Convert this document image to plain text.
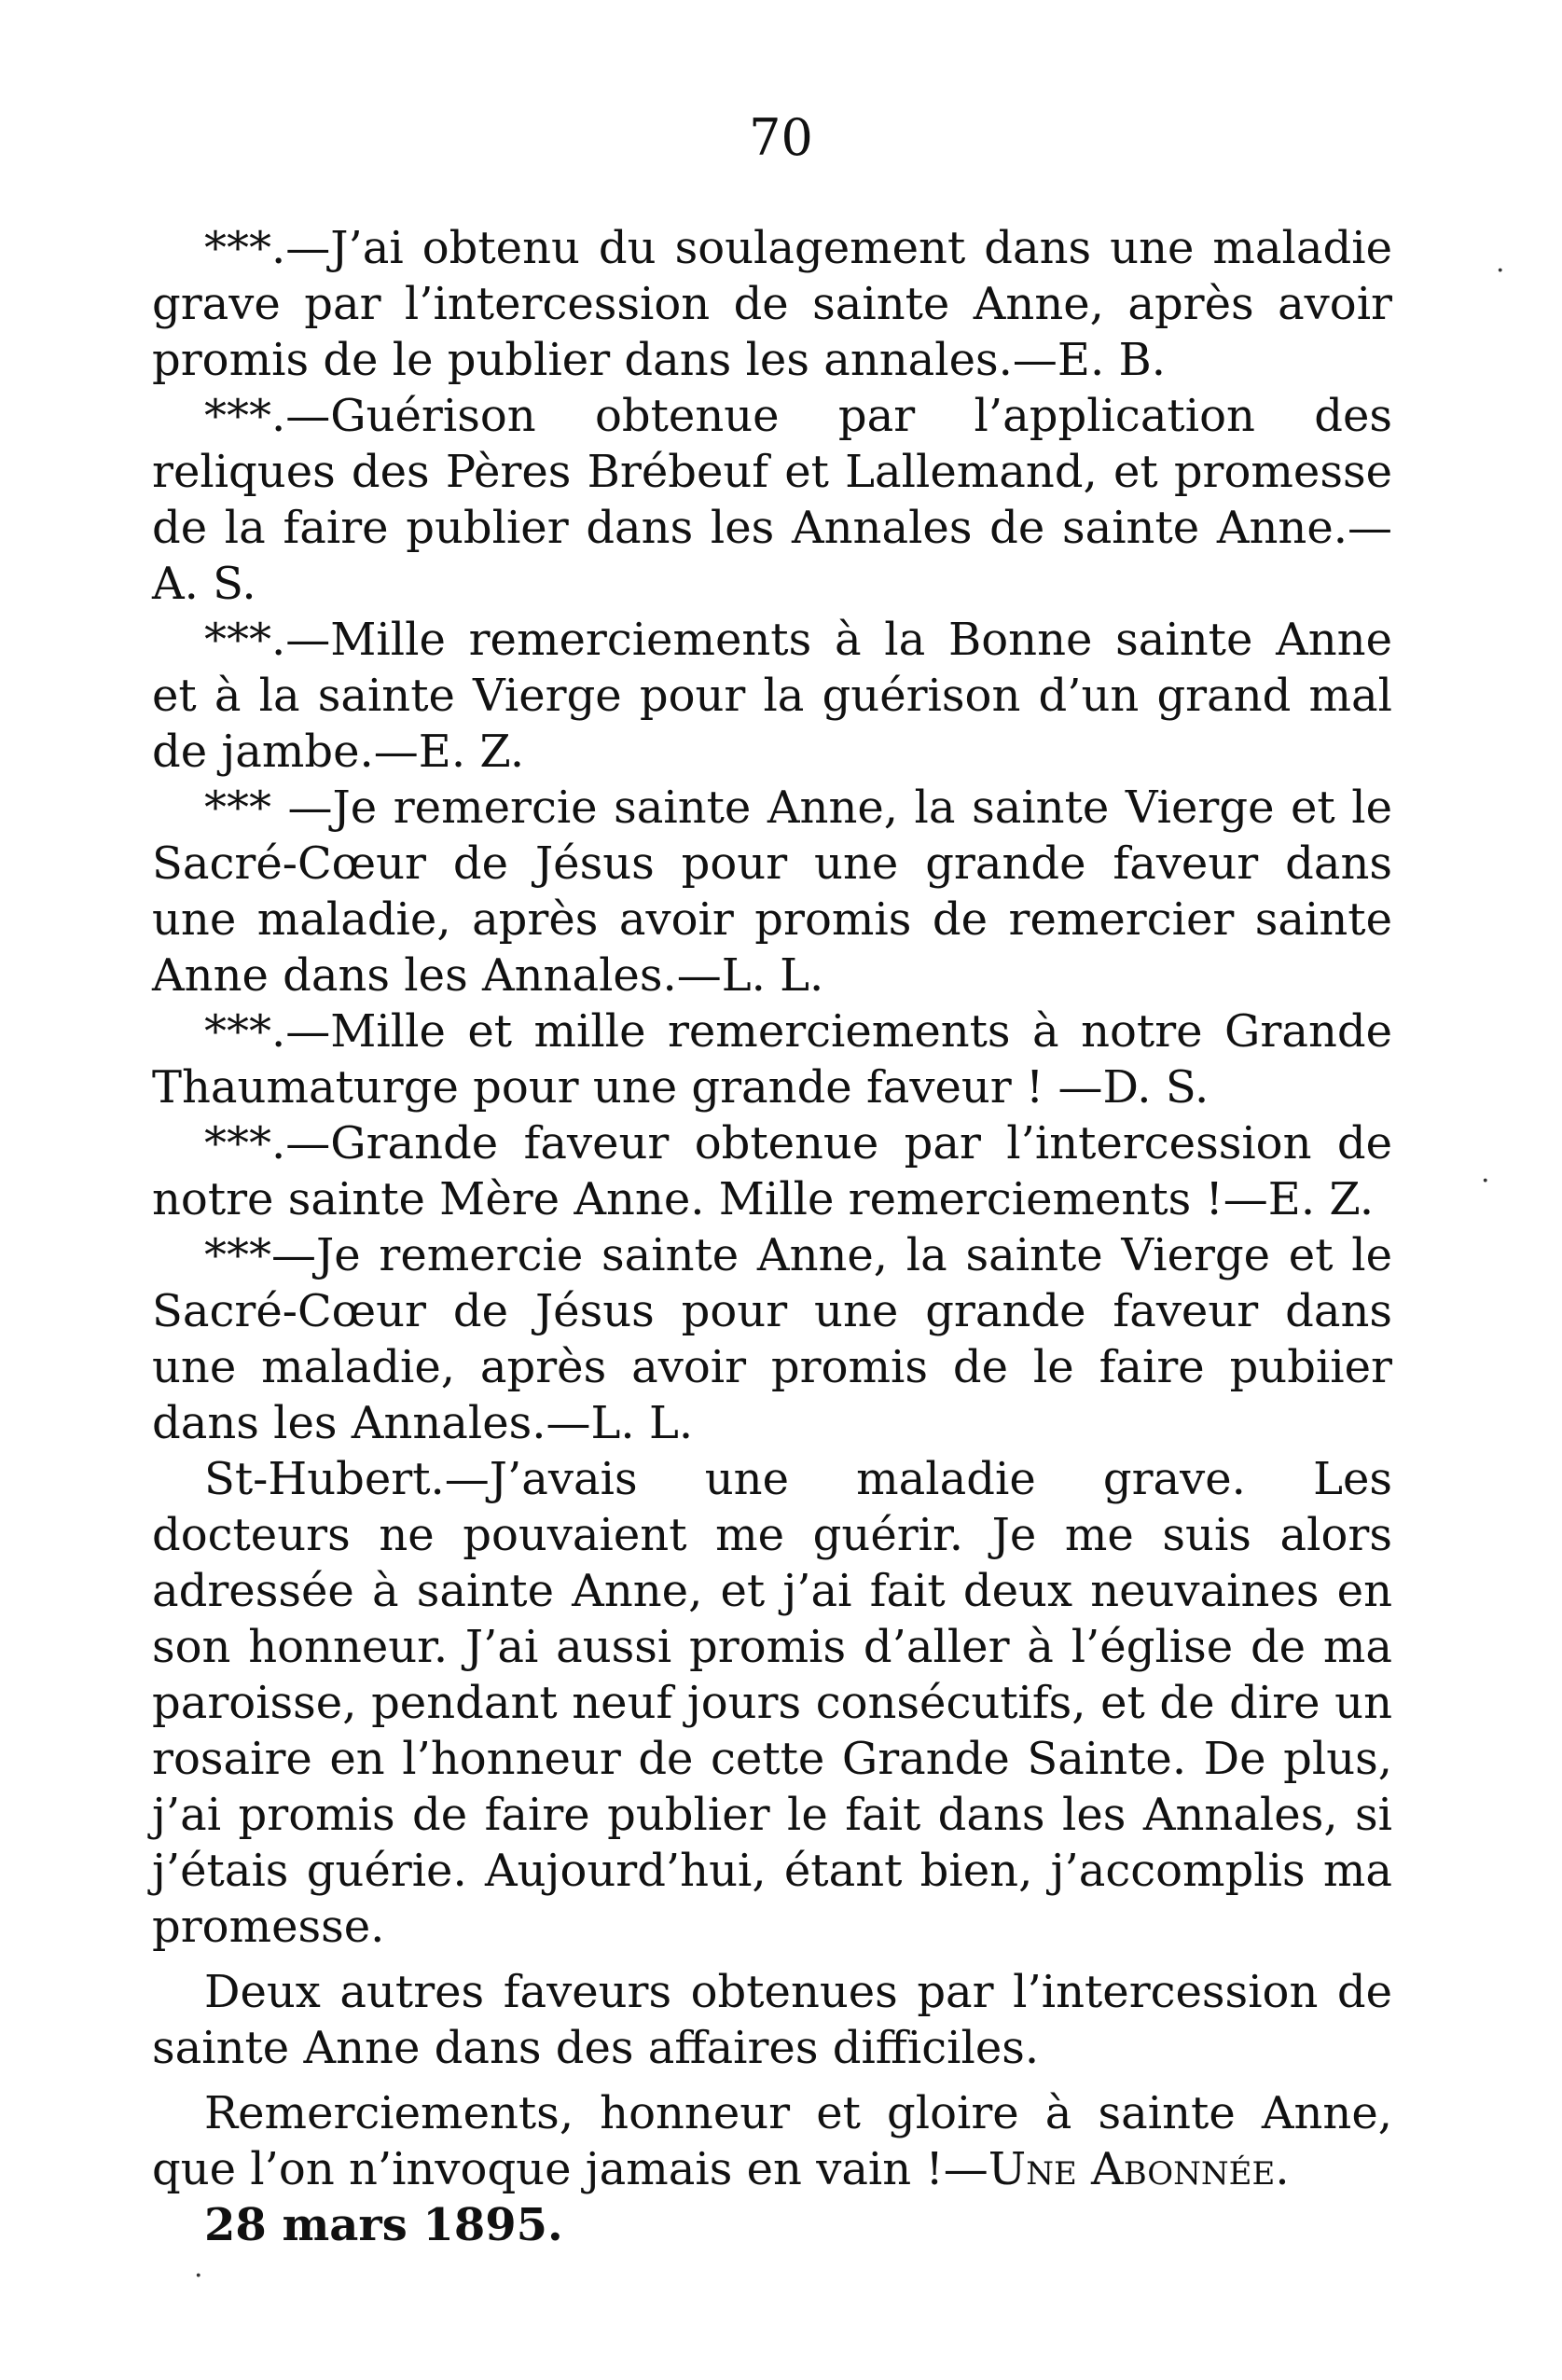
70

***.—J’ai obtenu du soulagement dans une maladie grave par l’intercession de sainte Anne, après avoir promis de le publier dans les annales.—E. B.

***.—Guérison obtenue par l’application des reliques des Pères Brébeuf et Lallemand, et promesse de la faire publier dans les Annales de sainte Anne.—A. S.

***.—Mille remerciements à la Bonne sainte Anne et à la sainte Vierge pour la guérison d’un grand mal de jambe.—E. Z.

*** —Je remercie sainte Anne, la sainte Vierge et le Sacré-Cœur de Jésus pour une grande faveur dans une maladie, après avoir promis de remercier sainte Anne dans les Annales.—L. L.

***.—Mille et mille remerciements à notre Grande Thaumaturge pour une grande faveur ! —D. S.

***.—Grande faveur obtenue par l’intercession de notre sainte Mère Anne. Mille remerciements !—E. Z.

***—Je remercie sainte Anne, la sainte Vierge et le Sacré-Cœur de Jésus pour une grande faveur dans une maladie, après avoir promis de le faire pubiier dans les Annales.—L. L.

St-Hubert.—J’avais une maladie grave. Les docteurs ne pouvaient me guérir. Je me suis alors adressée à sainte Anne, et j’ai fait deux neuvaines en son honneur. J’ai aussi promis d’aller à l’église de ma paroisse, pendant neuf jours consécutifs, et de dire un rosaire en l’honneur de cette Grande Sainte. De plus, j’ai promis de faire publier le fait dans les Annales, si j’étais guérie. Aujourd’hui, étant bien, j’accomplis ma promesse.

Deux autres faveurs obtenues par l’intercession de sainte Anne dans des affaires difficiles.

Remerciements, honneur et gloire à sainte Anne, que l’on n’invoque jamais en vain !—Une Abonnée.

28 mars 1895.

·
·
·
